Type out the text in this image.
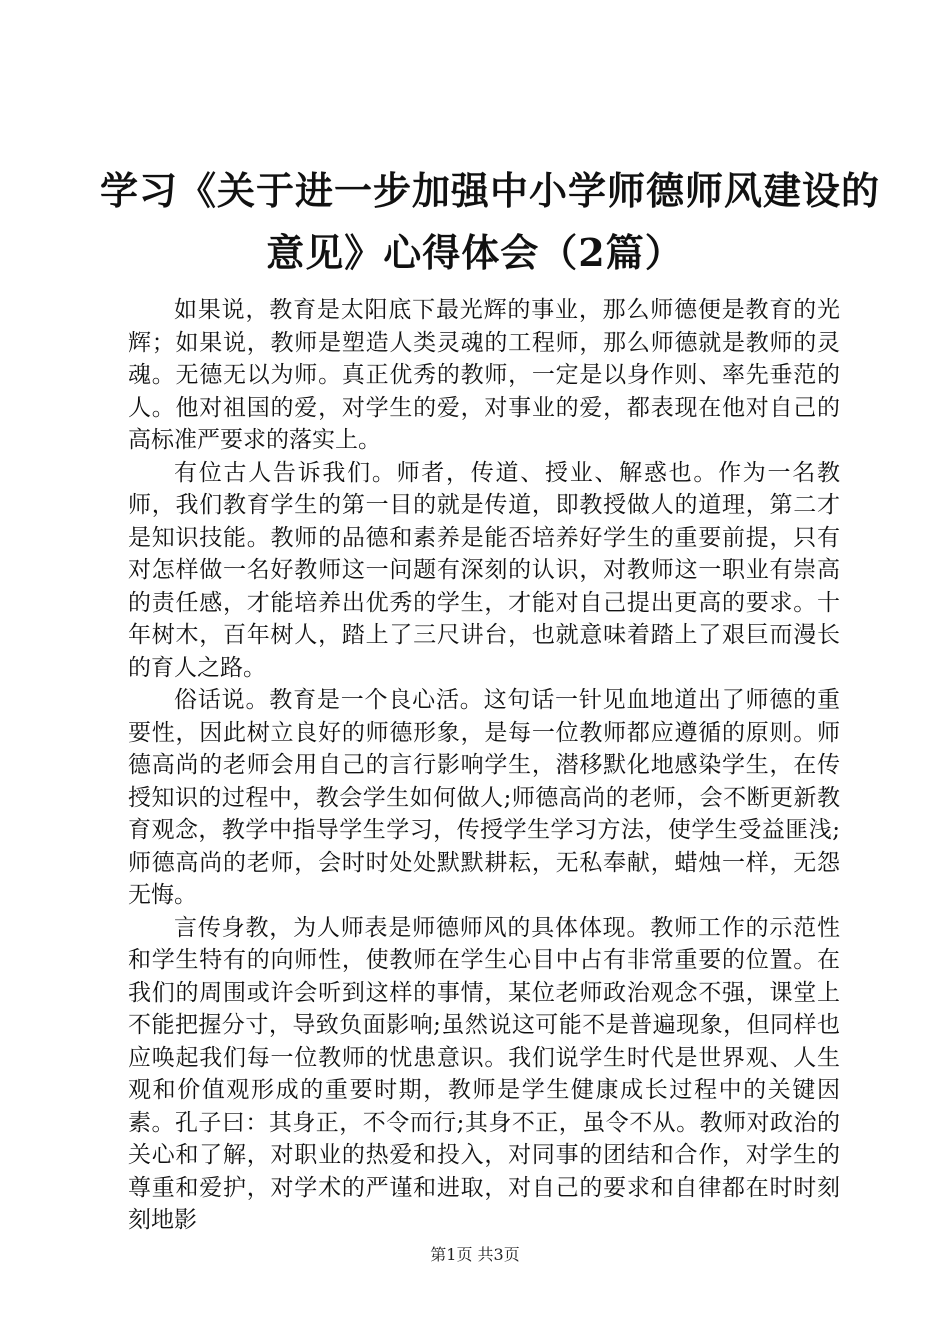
学习《关于进一步加强中小学师德师风建设的
意见》心得体会（2篇）

如果说，教育是太阳底下最光辉的事业，那么师德便是教育的光辉；如果说，教师是塑造人类灵魂的工程师，那么师德就是教师的灵魂。无德无以为师。真正优秀的教师，一定是以身作则、率先垂范的人。他对祖国的爱，对学生的爱，对事业的爱，都表现在他对自己的高标准严要求的落实上。

有位古人告诉我们。师者，传道、授业、解惑也。作为一名教师，我们教育学生的第一目的就是传道，即教授做人的道理，第二才是知识技能。教师的品德和素养是能否培养好学生的重要前提，只有对怎样做一名好教师这一问题有深刻的认识，对教师这一职业有崇高的责任感，才能培养出优秀的学生，才能对自己提出更高的要求。十年树木，百年树人，踏上了三尺讲台，也就意味着踏上了艰巨而漫长的育人之路。

俗话说。教育是一个良心活。这句话一针见血地道出了师德的重要性，因此树立良好的师德形象，是每一位教师都应遵循的原则。师德高尚的老师会用自己的言行影响学生，潜移默化地感染学生，在传授知识的过程中，教会学生如何做人;师德高尚的老师，会不断更新教育观念，教学中指导学生学习，传授学生学习方法，使学生受益匪浅;师德高尚的老师，会时时处处默默耕耘，无私奉献，蜡烛一样，无怨无悔。

言传身教，为人师表是师德师风的具体体现。教师工作的示范性和学生特有的向师性，使教师在学生心目中占有非常重要的位置。在我们的周围或许会听到这样的事情，某位老师政治观念不强，课堂上不能把握分寸，导致负面影响;虽然说这可能不是普遍现象，但同样也应唤起我们每一位教师的忧患意识。我们说学生时代是世界观、人生观和价值观形成的重要时期，教师是学生健康成长过程中的关键因素。孔子曰：其身正，不令而行;其身不正，虽令不从。教师对政治的关心和了解，对职业的热爱和投入，对同事的团结和合作，对学生的尊重和爱护，对学术的严谨和进取，对自己的要求和自律都在时时刻刻地影

第1页 共3页
